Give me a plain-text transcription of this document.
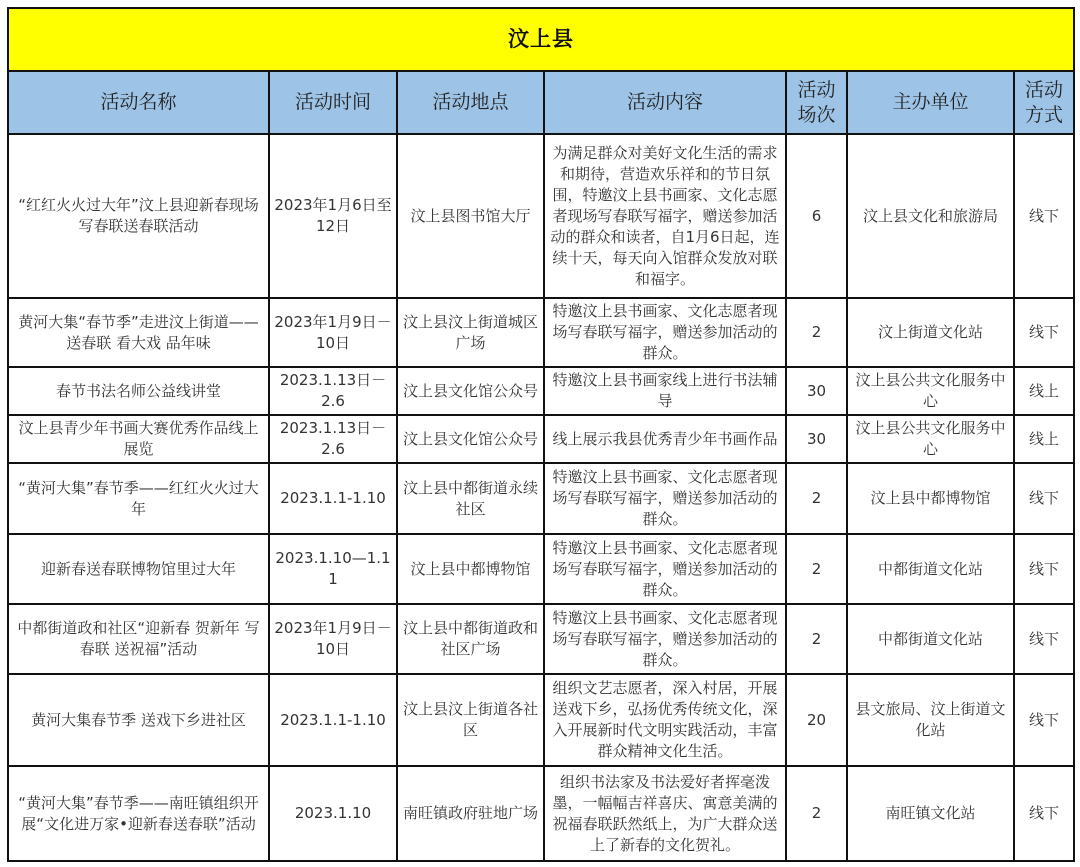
汶上县						
活动名称	活动时间	活动地点	活动内容	活动场次	主办单位	活动方式
“红红火火过大年”汶上县迎新春现场写春联送春联活动	2023年1月6日至12日	汶上县图书馆大厅	为满足群众对美好文化生活的需求和期待，营造欢乐祥和的节日氛围，特邀汶上县书画家、文化志愿者现场写春联写福字，赠送参加活动的群众和读者，自1月6日起，连续十天，每天向入馆群众发放对联和福字。	6	汶上县文化和旅游局	线下
黄河大集“春节季”走进汶上街道——送春联 看大戏 品年味	2023年1月9日－10日	汶上县汶上街道城区广场	特邀汶上县书画家、文化志愿者现场写春联写福字，赠送参加活动的群众。	2	汶上街道文化站	线下
春节书法名师公益线讲堂	2023.1.13日－2.6	汶上县文化馆公众号	特邀汶上县书画家线上进行书法辅导	30	汶上县公共文化服务中心	线上
汶上县青少年书画大赛优秀作品线上展览	2023.1.13日－2.6	汶上县文化馆公众号	线上展示我县优秀青少年书画作品	30	汶上县公共文化服务中心	线上
“黄河大集”春节季——红红火火过大年	2023.1.1-1.10	汶上县中都街道永续社区	特邀汶上县书画家、文化志愿者现场写春联写福字，赠送参加活动的群众。	2	汶上县中都博物馆	线下
迎新春送春联博物馆里过大年	2023.1.10—1.11	汶上县中都博物馆	特邀汶上县书画家、文化志愿者现场写春联写福字，赠送参加活动的群众。	2	中都街道文化站	线下
中都街道政和社区“迎新春 贺新年 写春联 送祝福”活动	2023年1月9日－10日	汶上县中都街道政和社区广场	特邀汶上县书画家、文化志愿者现场写春联写福字，赠送参加活动的群众。	2	中都街道文化站	线下
黄河大集春节季 送戏下乡进社区	2023.1.1-1.10	汶上县汶上街道各社区	组织文艺志愿者，深入村居，开展送戏下乡，弘扬优秀传统文化，深入开展新时代文明实践活动，丰富群众精神文化生活。	20	县文旅局、汶上街道文化站	线下
“黄河大集”春节季——南旺镇组织开展“文化进万家•迎新春送春联”活动	2023.1.10	南旺镇政府驻地广场	组织书法家及书法爱好者挥毫泼墨，一幅幅吉祥喜庆、寓意美满的祝福春联跃然纸上，为广大群众送上了新春的文化贺礼。	2	南旺镇文化站	线下
